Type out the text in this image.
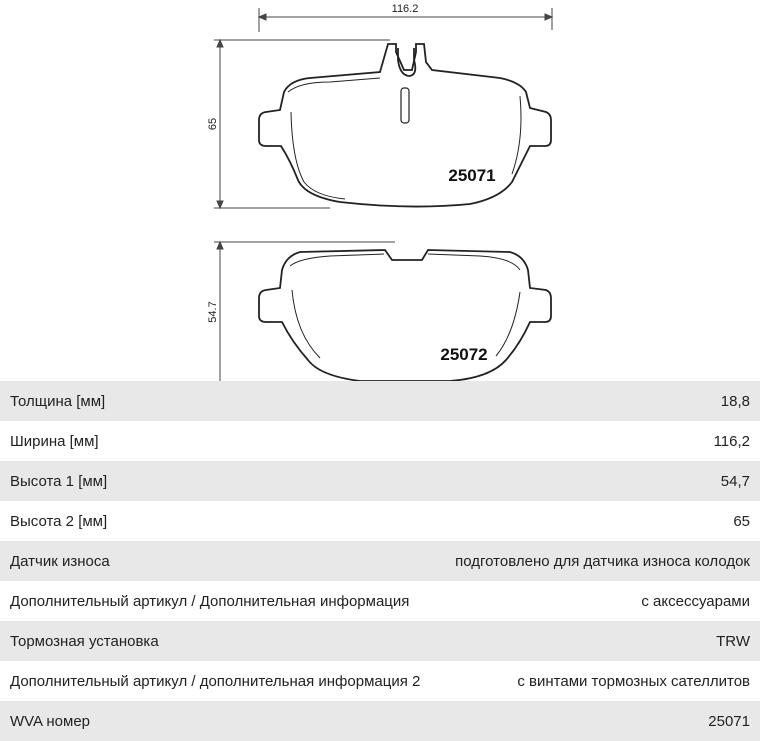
116.2
65
25071
54.7
25072
Толщина [мм]	18,8
Ширина [мм]	116,2
Высота 1 [мм]	54,7
Высота 2 [мм]	65
Датчик износа	подготовлено для датчика износа колодок
Дополнительный артикул / Дополнительная информация	с аксессуарами
Тормозная установка	TRW
Дополнительный артикул / дополнительная информация 2	с винтами тормозных сателлитов
WVA номер	25071
